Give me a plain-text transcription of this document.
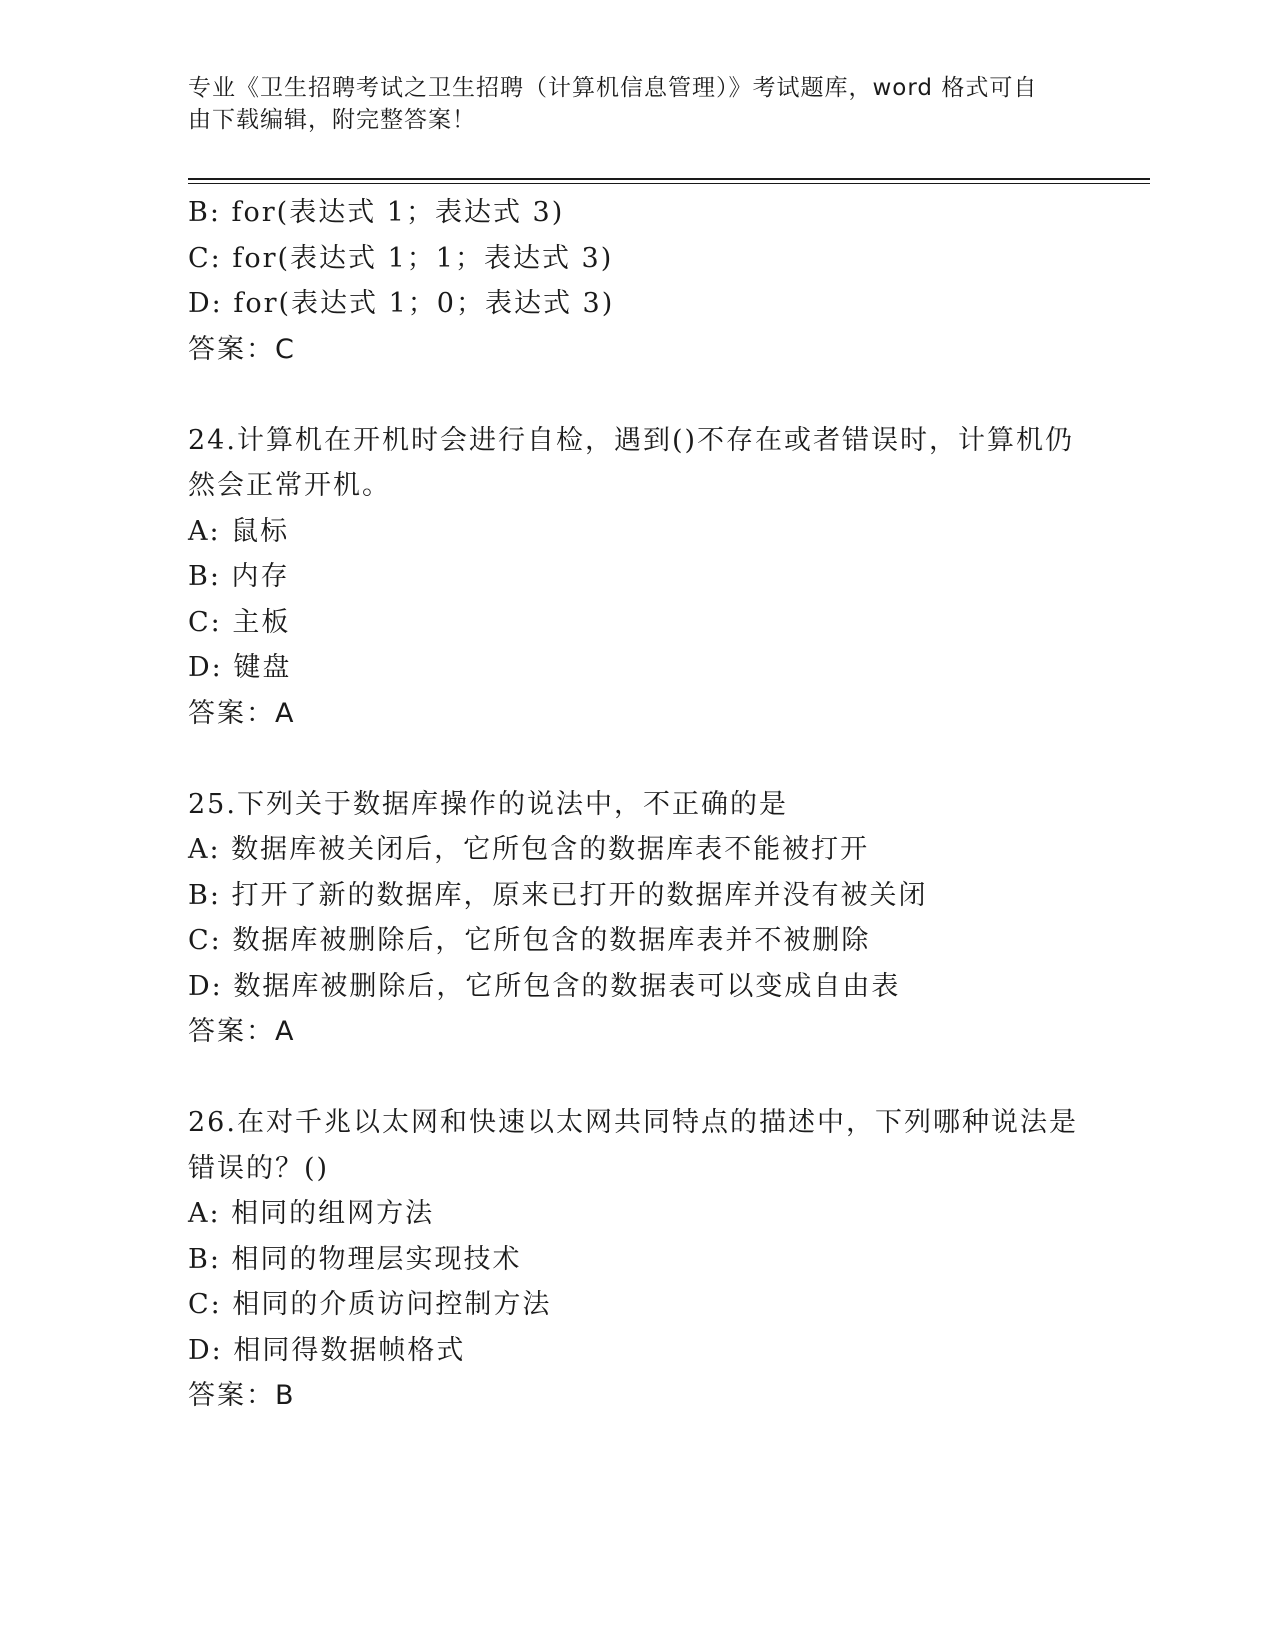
专业《卫生招聘考试之卫生招聘（计算机信息管理）》考试题库，word 格式可自
由下载编辑，附完整答案！
B: for(表达式 1；表达式 3)
C: for(表达式 1；1；表达式 3)
D: for(表达式 1；0；表达式 3)
答案：C
24.计算机在开机时会进行自检，遇到()不存在或者错误时，计算机仍
然会正常开机。
A: 鼠标
B: 内存
C: 主板
D: 键盘
答案：A
25.下列关于数据库操作的说法中，不正确的是
A: 数据库被关闭后，它所包含的数据库表不能被打开
B: 打开了新的数据库，原来已打开的数据库并没有被关闭
C: 数据库被删除后，它所包含的数据库表并不被删除
D: 数据库被删除后，它所包含的数据表可以变成自由表
答案：A
26.在对千兆以太网和快速以太网共同特点的描述中，下列哪种说法是
错误的？()
A: 相同的组网方法
B: 相同的物理层实现技术
C: 相同的介质访问控制方法
D: 相同得数据帧格式
答案：B
